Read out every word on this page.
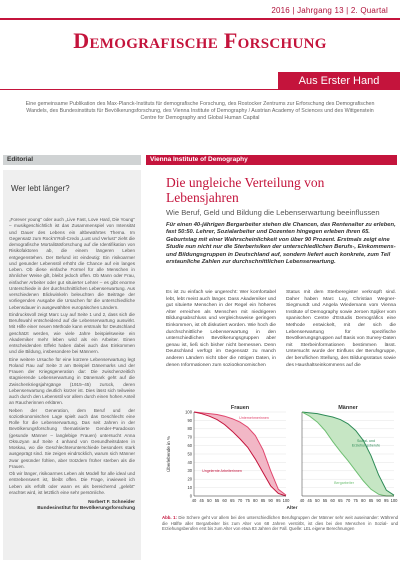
2016 | Jahrgang 13 | 2. Quartal
Demografische Forschung
Aus Erster Hand

Eine gemeinsame Publikation des Max-Planck-Instituts für demografische Forschung, des Rostocker Zentrums zur Erforschung des Demografischen Wandels, des Bundesinstituts für Bevölkerungsforschung, des Vienna Institute of Demography / Austrian Academy of Sciences und des Wittgenstein Centre for Demography and Global Human Capital

Editorial	Vienna Institute of Demography
Wer lebt länger?

„Forever young" oder auch „Live Fast, Love Hard, Die Young" – musikgeschichtlich ist das Zusammenspiel von Intensität und Dauer des Lebens ein altbewährtes Thema. Im Gegensatz zum Rock'n'Roll-Credo „Lust und Verlust" zieht die demografische Mortalitätsforschung auf die Identifikation von Risikofaktoren ab, die einem längeren Leben entgegenstehen. Der Befund ist eindeutig: Ein risikoarmer und gesunder Lebensstil erhöht die Chance auf ein langes Leben. Ob diese einfache Formel für alle Menschen in ähnlicher Weise gilt, bleibt jedoch offen. Ob Mann oder Frau, einfacher Arbeiter oder gut situierter Lehrer – es gibt enorme Unterschiede in der durchschnittlichen Lebenserwartung. Aus verschiedenen Blickwinkeln beleuchten die Beiträge der vorliegenden Ausgabe die Ursachen für die unterschiedliche Lebensdauer in ausgewählten europäischen Ländern.

Eindrucksvoll zeigt Marc Luy auf Seite 1 und 2, dass sich die Berufswahl entscheidend auf die Lebenserwartung auswirkt. Mit Hilfe einer neuen Methode kann erstmals für Deutschland geschätzt werden, wie viele Jahre beispielsweise ein Akademiker mehr leben wird als ein Arbeiter. Einen entscheidenden Effekt haben dabei auch das Einkommen und die Bildung, insbesondere bei Männern.

Eine weitere Ursache für eine kürzere Lebenserwartung legt Roland Rau auf Seite 3 am Beispiel Dänemarks und der Frauen der Kriegsgeneration dar: Die zwischenzeitlich stagnierende Lebenserwartung in Dänemark geht auf die Zwischenkriegsjahrgänge (1915–45) zurück, deren Lebenserwartung deutlich kürzer ist. Dies lässt sich teilweise auch durch den Lebensstil vor allem durch einen hohen Anteil an Raucherinnen erklären.

Neben der Generation, dem Beruf und der sozioökonomischen Lage spielt auch das Geschlecht eine Rolle für die Lebenserwartung. Das seit Jahren in der Bevölkerungsforschung thematisierte Gender-Paradoxon (gesunde Männer – langlebige Frauen) untersucht Anna Oksuzyan auf Seite 4 anhand von Gesundheitsdaten in Moskau, wo die Geschlechterunterschiede besonders stark ausgeprägt sind. Sie zeigen eindrücklich, warum sich Männer zwar gesünder fühlen, aber trotzdem früher sterben als die Frauen.

Ob wir länger, risikoarmes Leben als Modell für alle ideal und erstrebenswert ist, bleibt offen. Die Frage, inwieweit ich Leben als erfüllt oder wann es als bereichernd „gelebt" erachtet wird, ist letztlich eine sehr persönliche.

Norbert F. Schneider
Bundesinstitut für Bevölkerungsforschung
Die ungleiche Verteilung von Lebensjahren
Wie Beruf, Geld und Bildung die Lebenserwartung beeinflussen

Für einen 40-jährigen Bergarbeiter stehen die Chancen, das Rentenalter zu erleben, fast 50:50. Lehrer, Sozialarbeiter und Dozenten hingegen erleben ihren 65. Geburtstag mit einer Wahrscheinlichkeit von über 90 Prozent. Erstmals zeigt eine Studie nun nicht nur die Sterberisiken der unterschiedlichen Berufs-, Einkommens- und Bildungsgruppen in Deutschland auf, sondern liefert auch konkrete, zum Teil erstaunliche Zahlen zur durchschnittlichen Lebenserwartung.

Es ist zu einfach wie ungerecht: Wer komfortabel lebt, lebt meist auch länger. Dass Akademiker und gut situierte Menschen in der Regel ein höheres Alter erreichen als Menschen mit niedrigeren Bildungsabschluss und vergleichsweise geringem Einkommen, ist oft diskutiert worden. Wie hoch die durchschnittliche Lebenserwartung in den unterschiedlichen Bevölkerungsgruppen aber genau ist, ließ sich bisher nicht bemessen. Denn Deutschland verfügt im Gegensatz zu manch anderen Ländern nicht über die nötigen Daten, in denen Informationen zum sozioökonomischen
Status mit dem Sterberegister verknüpft sind. Daher haben Marc Luy, Christian Wegner-Siegmundt und Angela Wiedemann vom Vienna Institute of Demography sowie Jeroen Spijker vom spanischen Centre d'Estudis Demogràfics eine Methode entwickelt, mit der sich die Lebenserwartung für spezifische Bevölkerungsgruppen auf Basis von Survey-Daten mit Sterbeinformationen bestimmen lässt. Untersucht wurde der Einfluss der Berufsgruppe, der beruflichen Stellung, des Bildungsstatus sowie des Haushaltseinkommens auf die
Frauen
0
10
20
30
40
50
60
70
80
90
100
40 45 50 55 60 65 70 75 80 85 90 95 100
Unternehmerinnen
Ungelernte Arbeiterinnen
Überlebende in %
Männer
40 45 50 55 60 65 70 75 80 85 90 95 100
Sozial- und
Erziehungsberufe
Bergarbeiter
Alter

Abb. 1: Die Schere geht vor allem bei den unterschiedlichen Berufsgruppen der Männer sehr weit auseinander: Während die Hälfte aller Bergarbeiter bis zum Alter von 68 Jahren verstirbt, ist dies bei den Menschen in Sozial- und Erziehungsberufen erst bis zum Alter von etwa 83 Jahren der Fall. Quelle: LEL eigene Berechnungen
